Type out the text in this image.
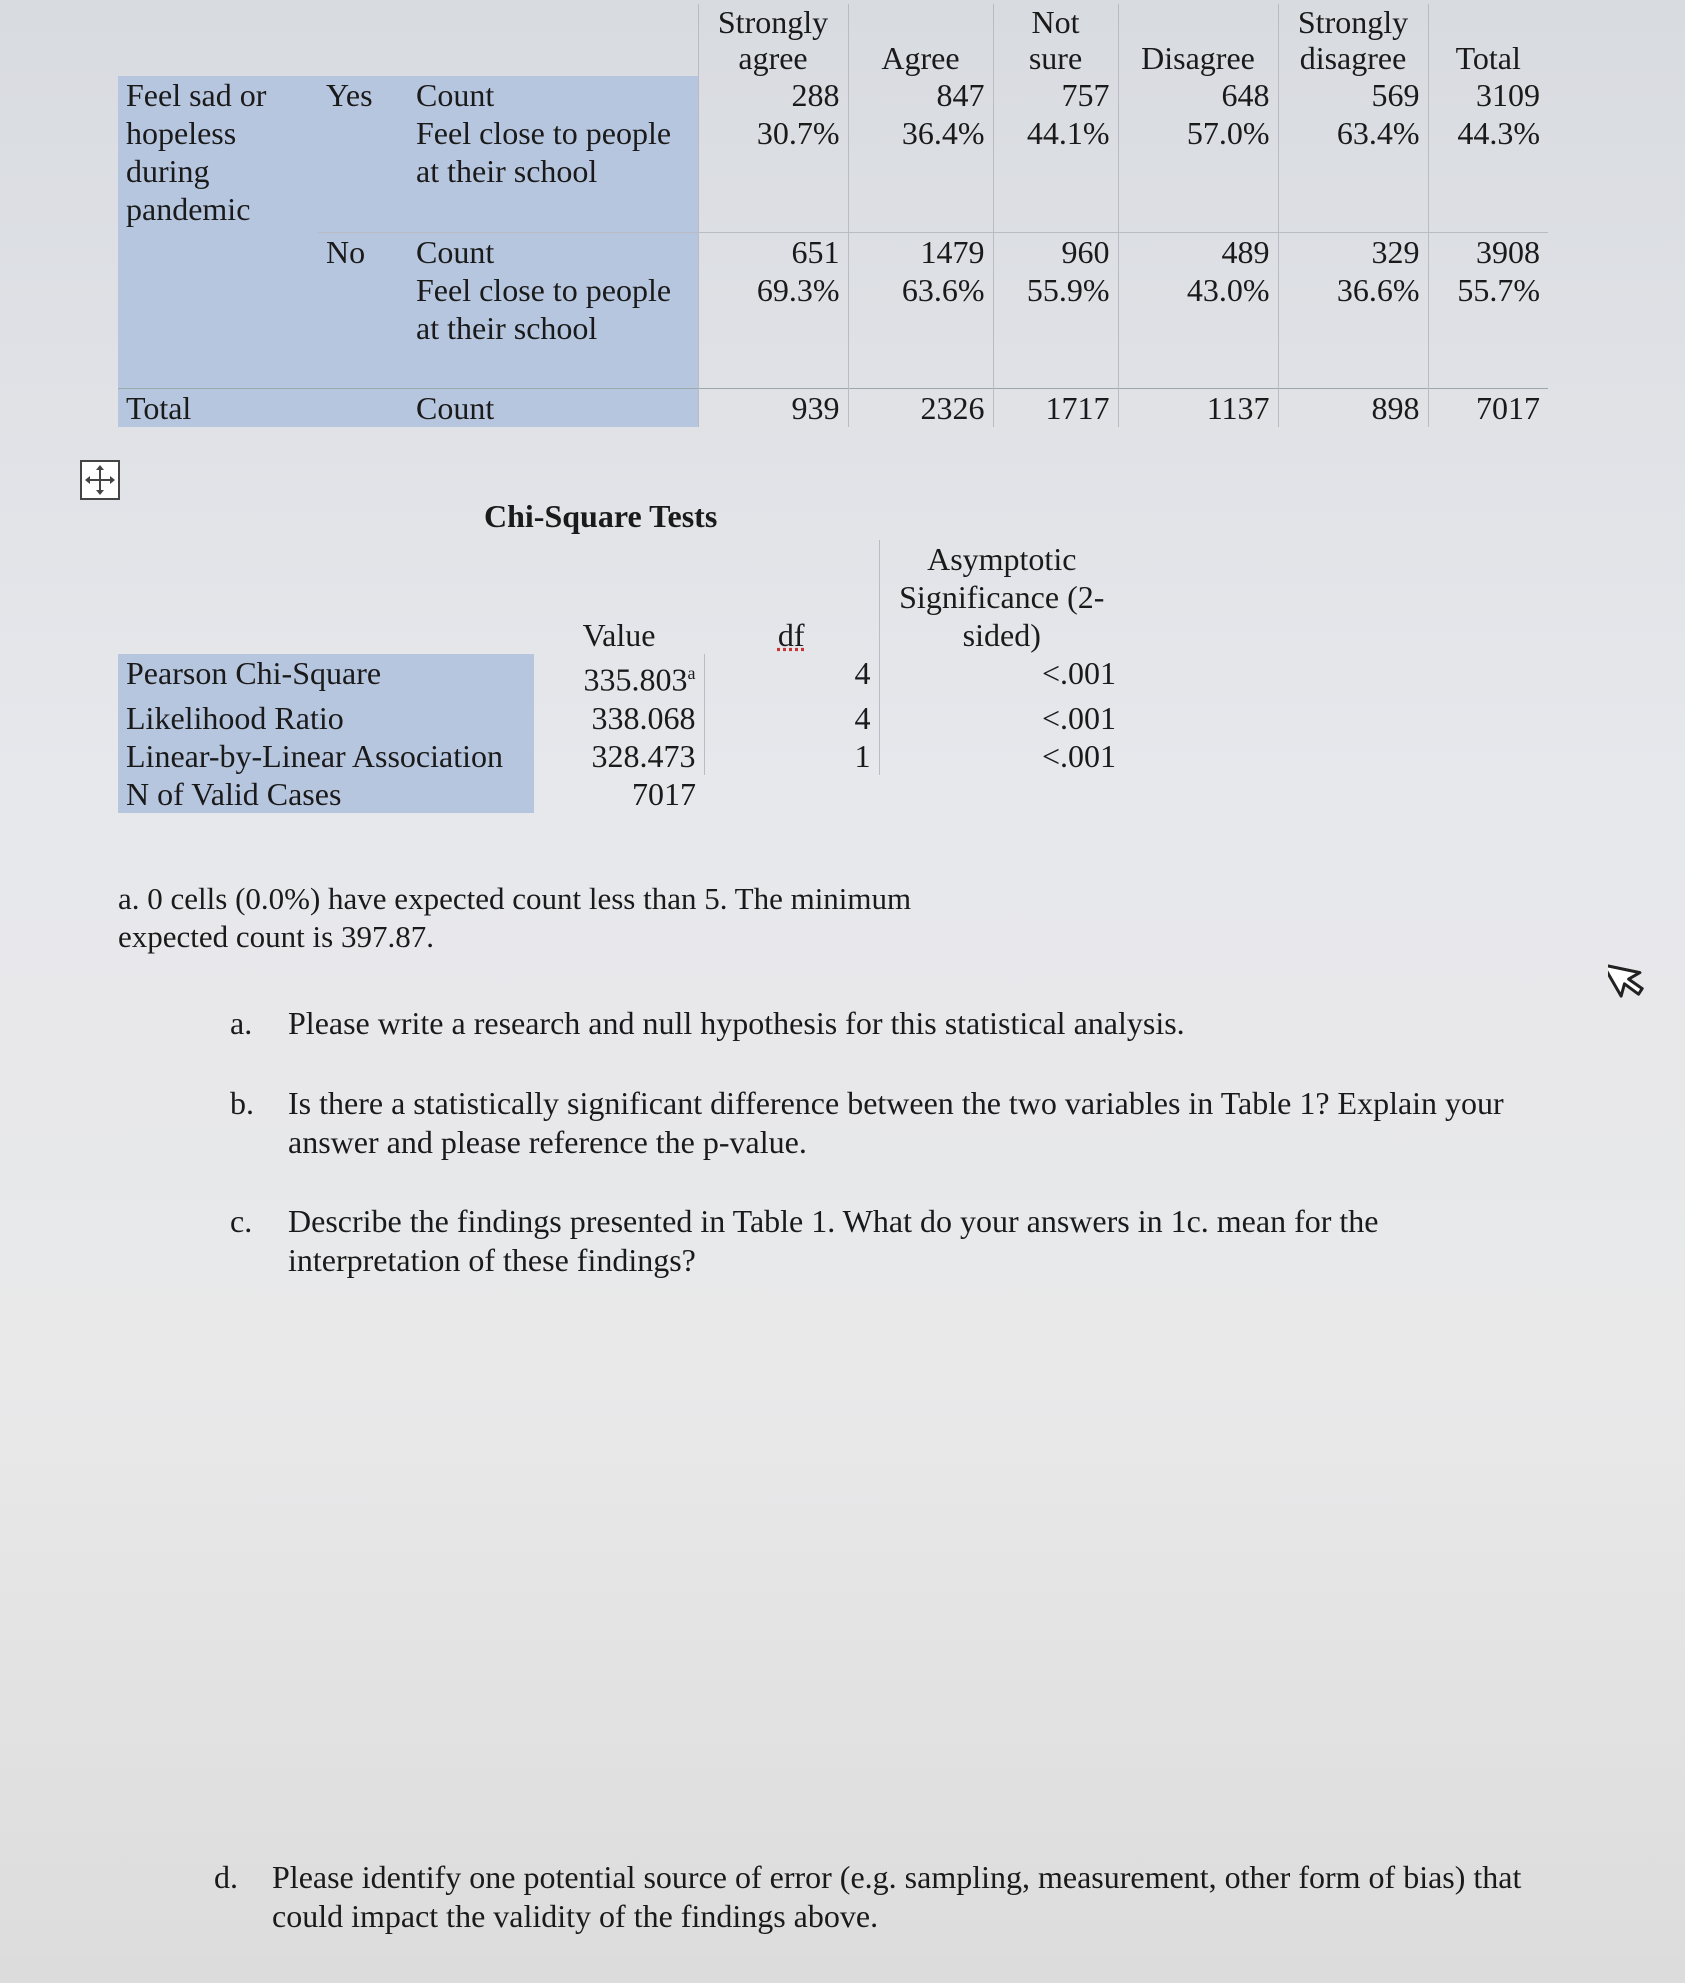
			Strongly agree	Agree	Not sure	Disagree	Strongly disagree	Total
Feel sad or hopeless during pandemic	Yes	Count	288	847	757	648	569	3109
		Feel close to people at their school	30.7%	36.4%	44.1%	57.0%	63.4%	44.3%
	No	Count	651	1479	960	489	329	3908
		Feel close to people at their school	69.3%	63.6%	55.9%	43.0%	36.6%	55.7%
Total		Count	939	2326	1717	1137	898	7017
Chi-Square Tests
	Value	df	Asymptotic Significance (2-sided)
Pearson Chi-Square	335.803$^a$	4	<.001
Likelihood Ratio	338.068	4	<.001
Linear-by-Linear Association	328.473	1	<.001
N of Valid Cases	7017		
a. 0 cells (0.0%) have expected count less than 5. The minimum expected count is 397.87.
a.	Please write a research and null hypothesis for this statistical analysis.
b.	Is there a statistically significant difference between the two variables in Table 1? Explain your answer and please reference the p-value.
c.	Describe the findings presented in Table 1. What do your answers in 1c. mean for the interpretation of these findings?
d.	Please identify one potential source of error (e.g. sampling, measurement, other form of bias) that could impact the validity of the findings above.
